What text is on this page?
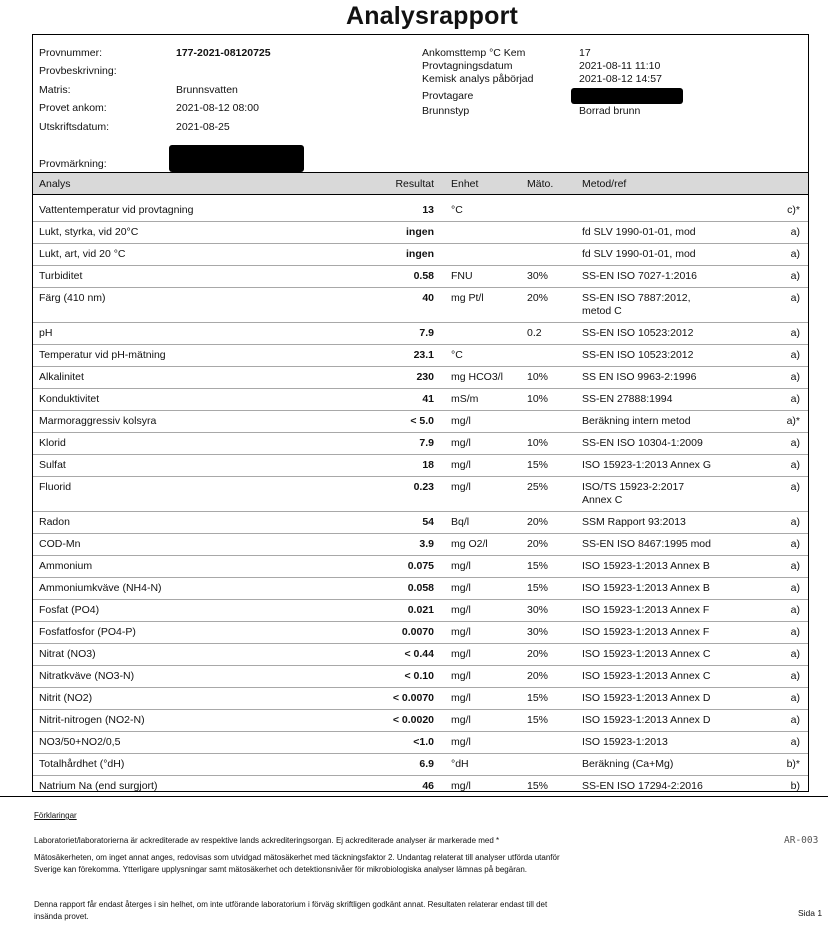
Analysrapport
Provnummer:	177-2021-08120725
Provbeskrivning:
Matris:	Brunnsvatten
Provet ankom:	2021-08-12 08:00
Utskriftsdatum:	2021-08-25
Provmärkning:
Ankomsttemp °C Kem	17
Provtagningsdatum	2021-08-11 11:10
Kemisk analys påbörjad	2021-08-12 14:57
Provtagare
Brunnstyp	Borrad brunn
Analys	Resultat	Enhet	Mäto.	Metod/ref	

Vattentemperatur vid provtagning	13	°C			c)*
Lukt, styrka, vid 20°C	ingen			fd SLV 1990-01-01, mod	a)
Lukt, art, vid 20 °C	ingen			fd SLV 1990-01-01, mod	a)
Turbiditet	0.58	FNU	30%	SS-EN ISO 7027-1:2016	a)
Färg (410 nm)	40	mg Pt/l	20%	SS-EN ISO 7887:2012,
metod C	a)
pH	7.9		0.2	SS-EN ISO 10523:2012	a)
Temperatur vid pH-mätning	23.1	°C		SS-EN ISO 10523:2012	a)
Alkalinitet	230	mg HCO3/l	10%	SS EN ISO 9963-2:1996	a)
Konduktivitet	41	mS/m	10%	SS-EN 27888:1994	a)
Marmoraggressiv kolsyra	< 5.0	mg/l		Beräkning intern metod	a)*
Klorid	7.9	mg/l	10%	SS-EN ISO 10304-1:2009	a)
Sulfat	18	mg/l	15%	ISO 15923-1:2013 Annex G	a)
Fluorid	0.23	mg/l	25%	ISO/TS 15923-2:2017
Annex C	a)
Radon	54	Bq/l	20%	SSM Rapport 93:2013	a)
COD-Mn	3.9	mg O2/l	20%	SS-EN ISO 8467:1995 mod	a)
Ammonium	0.075	mg/l	15%	ISO 15923-1:2013 Annex B	a)
Ammoniumkväve (NH4-N)	0.058	mg/l	15%	ISO 15923-1:2013 Annex B	a)
Fosfat (PO4)	0.021	mg/l	30%	ISO 15923-1:2013 Annex F	a)
Fosfatfosfor (PO4-P)	0.0070	mg/l	30%	ISO 15923-1:2013 Annex F	a)
Nitrat (NO3)	< 0.44	mg/l	20%	ISO 15923-1:2013 Annex C	a)
Nitratkväve (NO3-N)	< 0.10	mg/l	20%	ISO 15923-1:2013 Annex C	a)
Nitrit (NO2)	< 0.0070	mg/l	15%	ISO 15923-1:2013 Annex D	a)
Nitrit-nitrogen (NO2-N)	< 0.0020	mg/l	15%	ISO 15923-1:2013 Annex D	a)
NO3/50+NO2/0,5	<1.0	mg/l		ISO 15923-1:2013	a)
Totalhårdhet (°dH)	6.9	°dH		Beräkning (Ca+Mg)	b)*
Natrium Na (end surgjort)	46	mg/l	15%	SS-EN ISO 17294-2:2016	b)
Förklaringar
Laboratoriet/laboratorierna är ackrediterade av respektive lands ackrediteringsorgan. Ej ackrediterade analyser är markerade med *
Mätosäkerheten, om inget annat anges, redovisas som utvidgad mätosäkerhet med täckningsfaktor 2. Undantag relaterat till analyser utförda utanför
Sverige kan förekomma. Ytterligare upplysningar samt mätosäkerhet och detektionsnivåer för mikrobiologiska analyser lämnas på begäran.
Denna rapport får endast återges i sin helhet, om inte utförande laboratorium i förväg skriftligen godkänt annat. Resultaten relaterar endast till det
insända provet.
AR-003
Sida 1
